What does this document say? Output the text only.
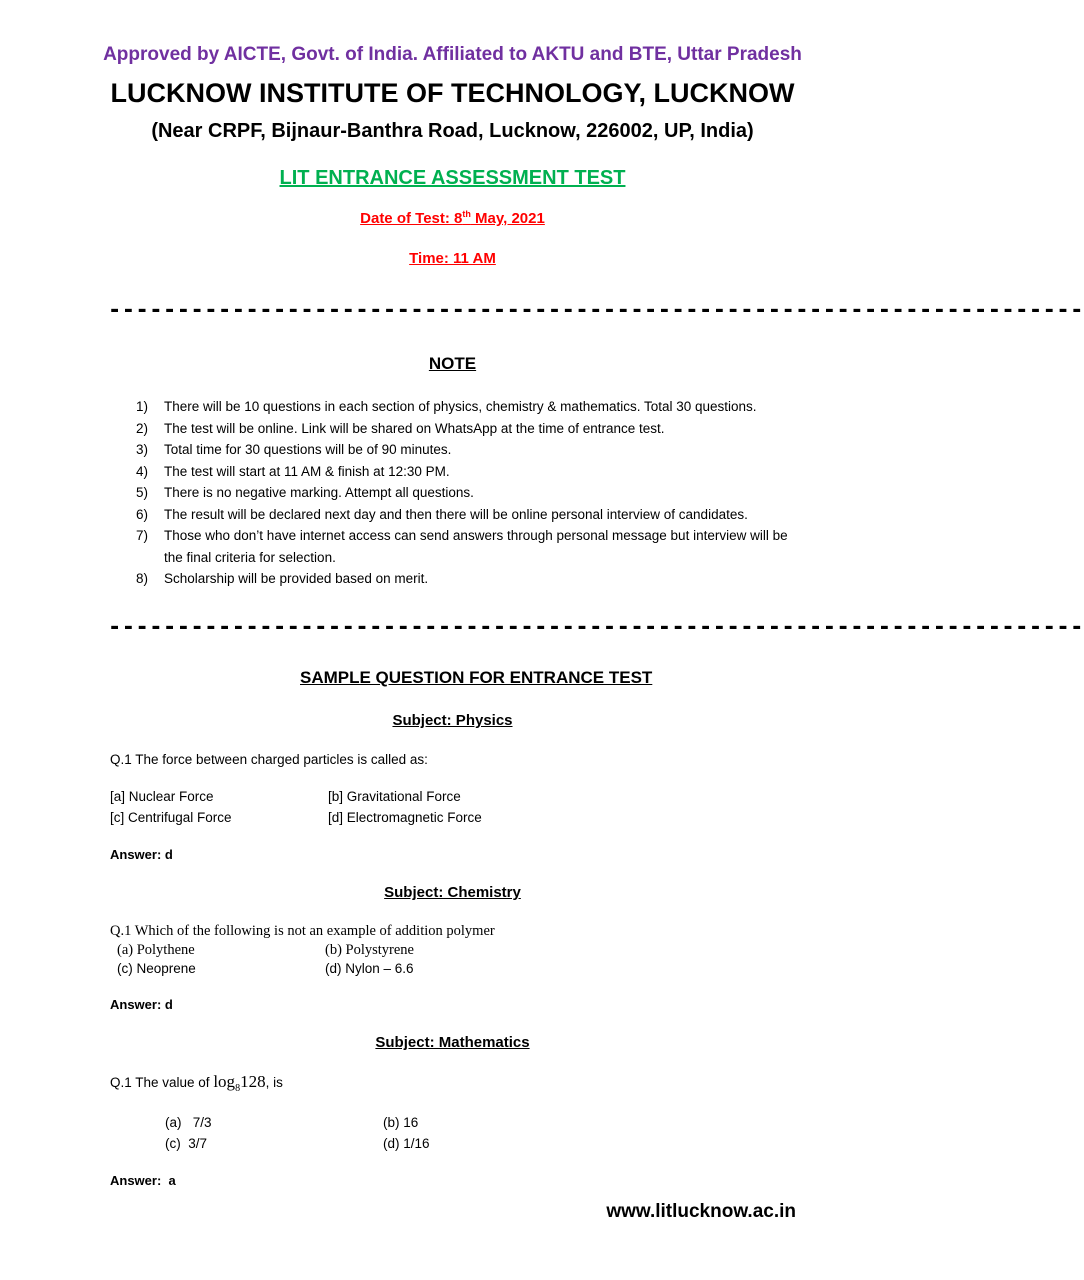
Approved by AICTE, Govt. of India. Affiliated to AKTU and BTE, Uttar Pradesh
LUCKNOW INSTITUTE OF TECHNOLOGY, LUCKNOW
(Near CRPF, Bijnaur-Banthra Road, Lucknow, 226002, UP, India)
LIT ENTRANCE ASSESSMENT TEST
Date of Test: 8th May, 2021
Time: 11 AM
-----------------------------------------------------------------------
NOTE
1) There will be 10 questions in each section of physics, chemistry & mathematics. Total 30 questions.
2) The test will be online. Link will be shared on WhatsApp at the time of entrance test.
3) Total time for 30 questions will be of 90 minutes.
4) The test will start at 11 AM & finish at 12:30 PM.
5) There is no negative marking. Attempt all questions.
6) The result will be declared next day and then there will be online personal interview of candidates.
7) Those who don’t have internet access can send answers through personal message but interview will be the final criteria for selection.
8) Scholarship will be provided based on merit.
-----------------------------------------------------------------------
SAMPLE QUESTION FOR ENTRANCE TEST
Subject: Physics
Q.1 The force between charged particles is called as:
[a] Nuclear Force	[b] Gravitational Force
[c] Centrifugal Force	[d] Electromagnetic Force
Answer: d
Subject: Chemistry
Q.1 Which of the following is not an example of addition polymer
(a) Polythene	(b) Polystyrene
(c) Neoprene	(d) Nylon – 6.6
Answer: d
Subject: Mathematics
Q.1 The value of $\log_8128$, is
(a)   7/3	(b) 16
(c)  3/7	(d) 1/16
Answer:  a
www.litlucknow.ac.in
